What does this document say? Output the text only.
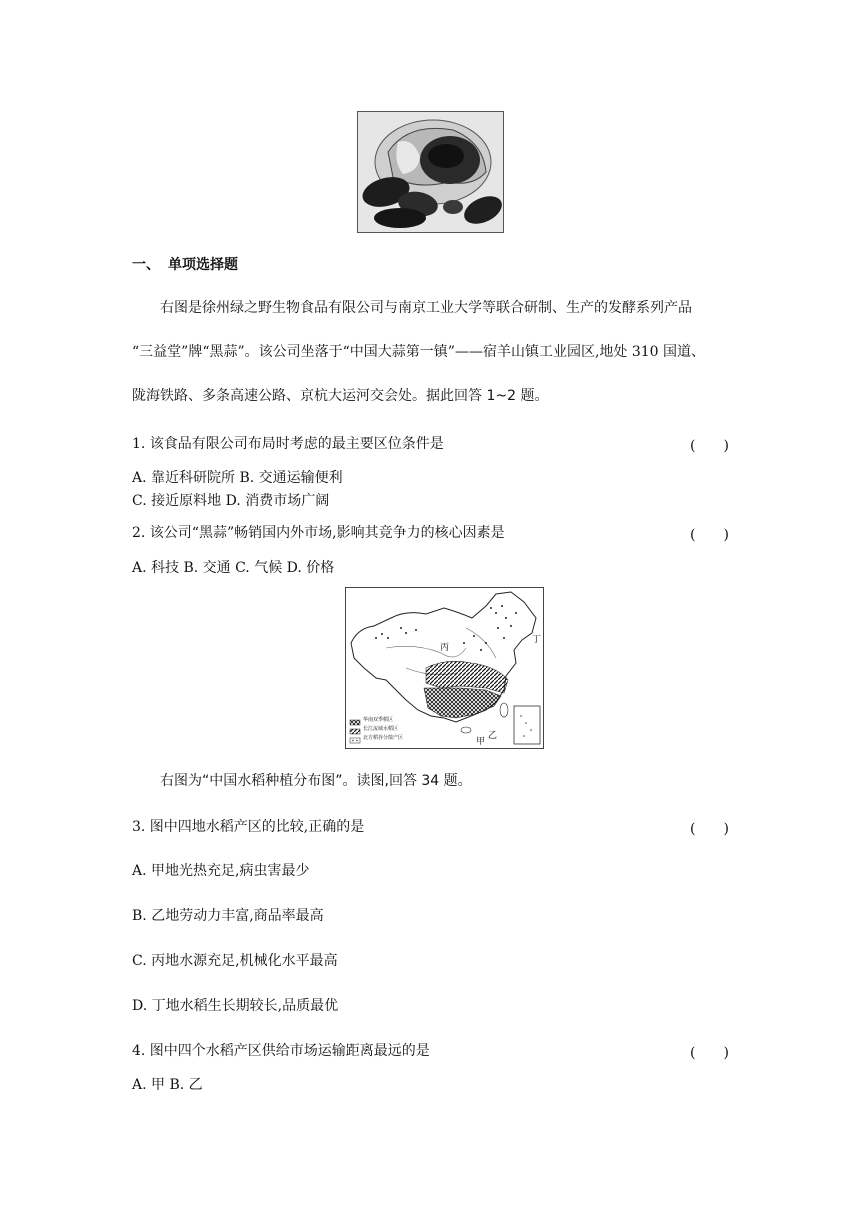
一、 单项选择题
右图是徐州绿之野生物食品有限公司与南京工业大学等联合研制、生产的发酵系列产品
“三益堂”牌“黑蒜”。该公司坐落于“中国大蒜第一镇”——宿羊山镇工业园区,地处 310 国道、
陇海铁路、多条高速公路、京杭大运河交会处。据此回答 1~2 题。
1. 该食品有限公司布局时考虑的最主要区位条件是	(　　)
A. 靠近科研院所 B. 交通运输便利
C. 接近原料地 D. 消费市场广阔
2. 该公司“黑蒜”畅销国内外市场,影响其竞争力的核心因素是	(　　)
A. 科技 B. 交通 C. 气候 D. 价格
丙
丁
甲
乙
华南双季稻区
长江流域水稻区
北方稻谷分散产区
右图为“中国水稻种植分布图”。读图,回答 34 题。
3. 图中四地水稻产区的比较,正确的是	(　　)
A. 甲地光热充足,病虫害最少
B. 乙地劳动力丰富,商品率最高
C. 丙地水源充足,机械化水平最高
D. 丁地水稻生长期较长,品质最优
4. 图中四个水稻产区供给市场运输距离最远的是	(　　)
A. 甲 B. 乙
